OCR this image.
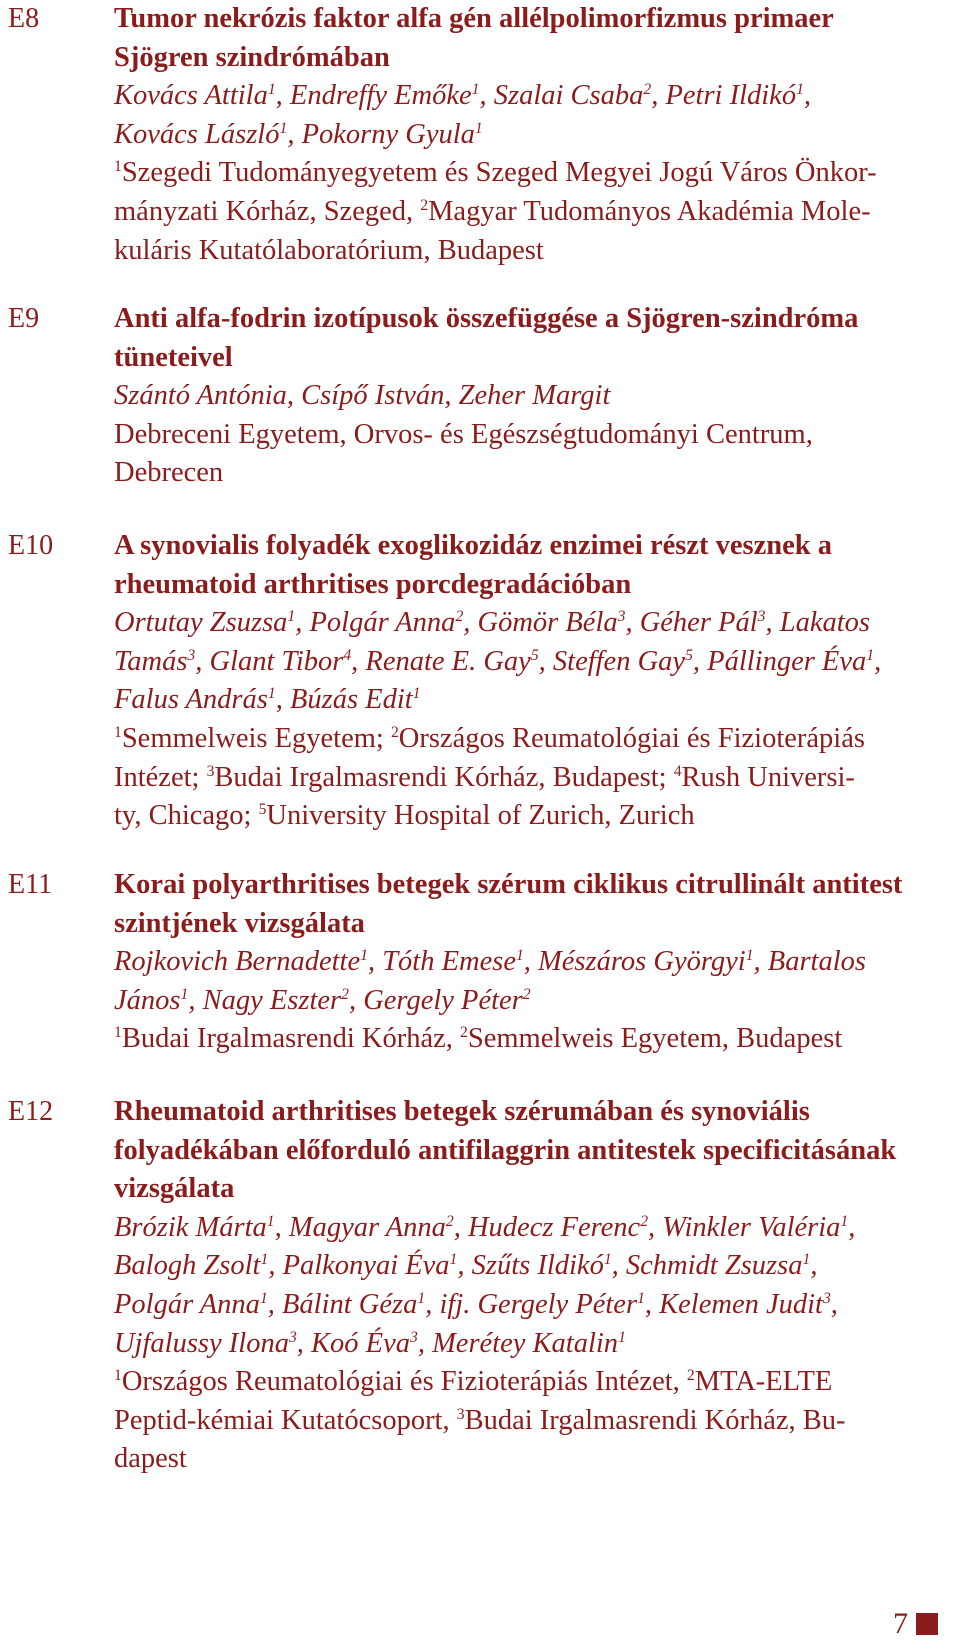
E8	Tumor nekrózis faktor alfa gén allélpolimorfizmus primaer
Sjögren szindrómában
Kovács Attila$^1$, Endreffy Emőke$^1$, Szalai Csaba$^2$, Petri Ildikó$^1$,
Kovács László$^1$, Pokorny Gyula$^1$
$^1$Szegedi Tudományegyetem és Szeged Megyei Jogú Város Önkor-
mányzati Kórház, Szeged, $^2$Magyar Tudományos Akadémia Mole-
kuláris Kutatólaboratórium, Budapest
E9	Anti alfa-fodrin izotípusok összefüggése a Sjögren-szindróma
tüneteivel
Szántó Antónia, Csípő István, Zeher Margit
Debreceni Egyetem, Orvos- és Egészségtudományi Centrum,
Debrecen
E10 A synovialis folyadék exoglikozidáz enzimei részt vesznek a
rheumatoid arthritises porcdegradációban
Ortutay Zsuzsa$^1$, Polgár Anna$^2$, Gömör Béla$^3$, Géher Pál$^3$, Lakatos
Tamás$^3$, Glant Tibor$^4$, Renate E. Gay$^5$, Steffen Gay$^5$, Pállinger Éva$^1$,
Falus András$^1$, Búzás Edit$^1$
$^1$Semmelweis Egyetem; $^2$Országos Reumatológiai és Fizioterápiás
Intézet; $^3$Budai Irgalmasrendi Kórház, Budapest; $^4$Rush Universi-
ty, Chicago; $^5$University Hospital of Zurich, Zurich
E11 Korai polyarthritises betegek szérum ciklikus citrullinált antitest
szintjének vizsgálata
Rojkovich Bernadette$^1$, Tóth Emese$^1$, Mészáros Györgyi$^1$, Bartalos
János$^1$, Nagy Eszter$^2$, Gergely Péter$^2$
$^1$Budai Irgalmasrendi Kórház, $^2$Semmelweis Egyetem, Budapest
E12 Rheumatoid arthritises betegek szérumában és synoviális
folyadékában előforduló antifilaggrin antitestek specificitásának
vizsgálata
Brózik Márta$^1$, Magyar Anna$^2$, Hudecz Ferenc$^2$, Winkler Valéria$^1$,
Balogh Zsolt$^1$, Palkonyai Éva$^1$, Szűts Ildikó$^1$, Schmidt Zsuzsa$^1$,
Polgár Anna$^1$, Bálint Géza$^1$, ifj. Gergely Péter$^1$, Kelemen Judit$^3$,
Ujfalussy Ilona$^3$, Koó Éva$^3$, Merétey Katalin$^1$
$^1$Országos Reumatológiai és Fizioterápiás Intézet, $^2$MTA-ELTE
Peptid-kémiai Kutatócsoport, $^3$Budai Irgalmasrendi Kórház, Bu-
dapest
7
